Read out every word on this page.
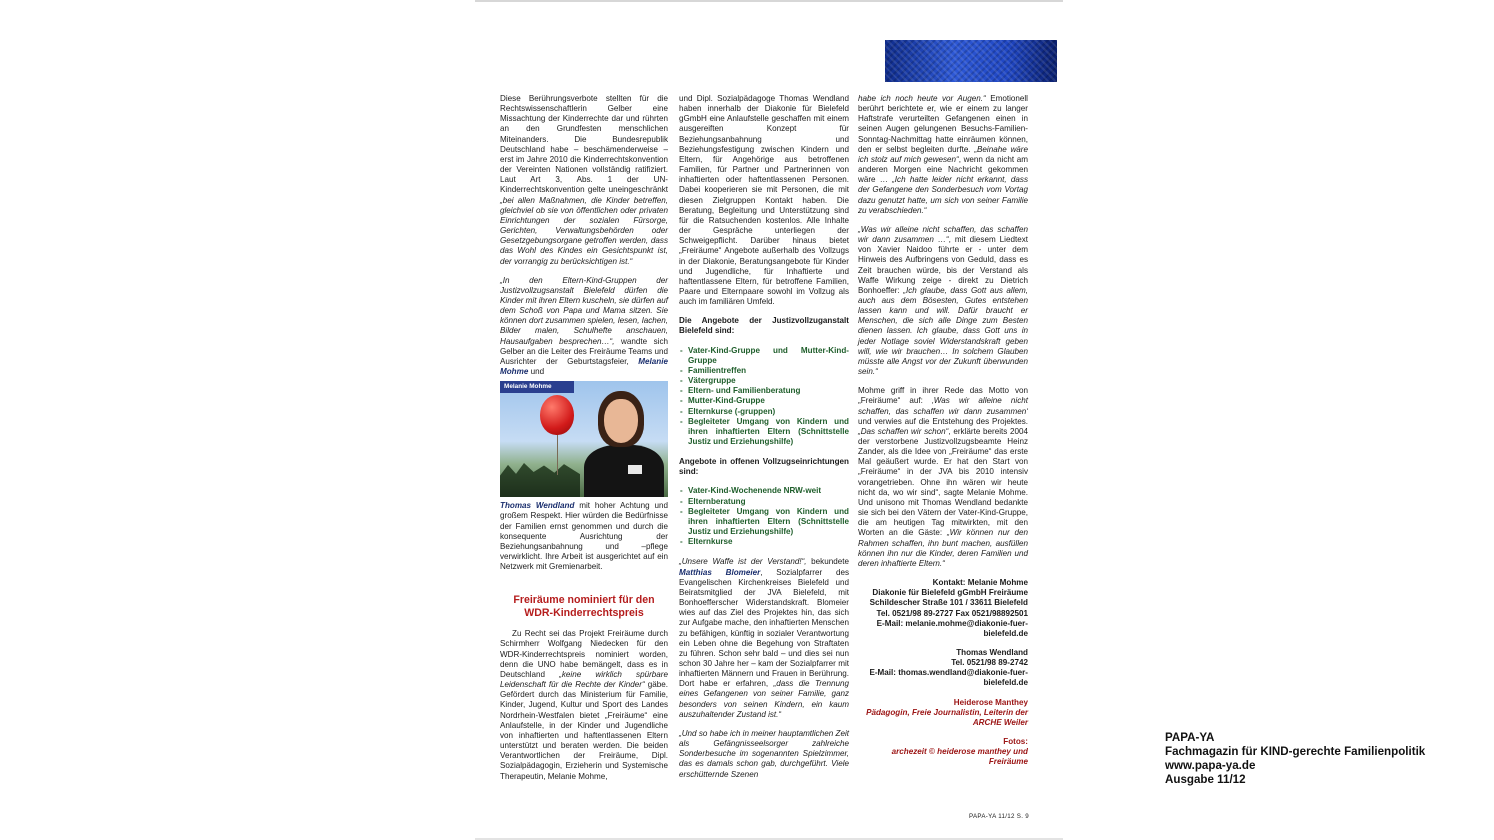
Diese Berührungsverbote stellten für die Rechtswissenschaftlerin Gelber eine Missachtung der Kinderrechte dar und rührten an den Grundfesten menschlichen Miteinanders. Die Bundesrepublik Deutschland habe – beschämenderweise – erst im Jahre 2010 die Kinderrechtskonvention der Vereinten Nationen vollständig ratifiziert. Laut Art 3, Abs. 1 der UN-Kinderrechtskonvention gelte uneingeschränkt „bei allen Maßnahmen, die Kinder betreffen, gleichviel ob sie von öffentlichen oder privaten Einrichtungen der sozialen Fürsorge, Gerichten, Verwaltungsbehörden oder Gesetzgebungsorgane getroffen werden, dass das Wohl des Kindes ein Gesichtspunkt ist, der vorrangig zu berücksichtigen ist.“

„In den Eltern-Kind-Gruppen der Justizvollzugsanstalt Bielefeld dürfen die Kinder mit ihren Eltern kuscheln, sie dürfen auf dem Schoß von Papa und Mama sitzen. Sie können dort zusammen spielen, lesen, lachen, Bilder malen, Schulhefte anschauen, Hausaufgaben besprechen…“, wandte sich Gelber an die Leiter des Freiräume Teams und Ausrichter der Geburtstagsfeier, Melanie Mohme und

Melanie Mohme

Thomas Wendland mit hoher Achtung und großem Respekt. Hier würden die Bedürfnisse der Familien ernst genommen und durch die konsequente Ausrichtung der Beziehungsanbahnung und –pflege verwirklicht. Ihre Arbeit ist ausgerichtet auf ein Netzwerk mit Gremienarbeit.

Freiräume nominiert für den WDR-Kinderrechtspreis

Zu Recht sei das Projekt Freiräume durch Schirmherr Wolfgang Niedecken für den WDR-Kinderrechtspreis nominiert worden, denn die UNO habe bemängelt, dass es in Deutschland „keine wirklich spürbare Leidenschaft für die Rechte der Kinder“ gäbe. Gefördert durch das Ministerium für Familie, Kinder, Jugend, Kultur und Sport des Landes Nordrhein-Westfalen bietet „Freiräume“ eine Anlaufstelle, in der Kinder und Jugendliche von inhaftierten und haftentlassenen Eltern unterstützt und beraten werden. Die beiden Verantwortlichen der Freiräume, Dipl. Sozialpädagogin, Erzieherin und Systemische Therapeutin, Melanie Mohme,

und Dipl. Sozialpädagoge Thomas Wendland haben innerhalb der Diakonie für Bielefeld gGmbH eine Anlaufstelle geschaffen mit einem ausgereiften Konzept für Beziehungsanbahnung und Beziehungsfestigung zwischen Kindern und Eltern, für Angehörige aus betroffenen Familien, für Partner und Partnerinnen von inhaftierten oder haftentlassenen Personen. Dabei kooperieren sie mit Personen, die mit diesen Zielgruppen Kontakt haben. Die Beratung, Begleitung und Unterstützung sind für die Ratsuchenden kostenlos. Alle Inhalte der Gespräche unterliegen der Schweigepflicht. Darüber hinaus bietet „Freiräume“ Angebote außerhalb des Vollzugs in der Diakonie, Beratungsangebote für Kinder und Jugendliche, für Inhaftierte und haftentlassene Eltern, für betroffene Familien, Paare und Elternpaare sowohl im Vollzug als auch im familiären Umfeld.

Die Angebote der Justizvollzuganstalt Bielefeld sind:

- Vater-Kind-Gruppe und Mutter-Kind-Gruppe
- Familientreffen
- Vätergruppe
- Eltern- und Familienberatung
- Mutter-Kind-Gruppe
- Elternkurse (-gruppen)
- Begleiteter Umgang von Kindern und ihren inhaftierten Eltern (Schnittstelle Justiz und Erziehungshilfe)

Angebote in offenen Vollzugseinrichtungen sind:

- Vater-Kind-Wochenende NRW-weit
- Elternberatung
- Begleiteter Umgang von Kindern und ihren inhaftierten Eltern (Schnittstelle Justiz und Erziehungshilfe)
- Elternkurse

„Unsere Waffe ist der Verstand!“, bekundete Matthias Blomeier, Sozialpfarrer des Evangelischen Kirchenkreises Bielefeld und Beiratsmitglied der JVA Bielefeld, mit Bonhoefferscher Widerstandskraft. Blomeier wies auf das Ziel des Projektes hin, das sich zur Aufgabe mache, den inhaftierten Menschen zu befähigen, künftig in sozialer Verantwortung ein Leben ohne die Begehung von Straftaten zu führen. Schon sehr bald – und dies sei nun schon 30 Jahre her – kam der Sozialpfarrer mit inhaftierten Männern und Frauen in Berührung. Dort habe er erfahren, „dass die Trennung eines Gefangenen von seiner Familie, ganz besonders von seinen Kindern, ein kaum auszuhaltender Zustand ist.“

„Und so habe ich in meiner hauptamtlichen Zeit als Gefängnisseelsorger zahlreiche Sonderbesuche im sogenannten Spielzimmer, das es damals schon gab, durchgeführt. Viele erschütternde Szenen

habe ich noch heute vor Augen.“ Emotionell berührt berichtete er, wie er einem zu langer Haftstrafe verurteilten Gefangenen einen in seinen Augen gelungenen Besuchs-Familien-Sonntag-Nachmittag hatte einräumen können, den er selbst begleiten durfte. „Beinahe wäre ich stolz auf mich gewesen“, wenn da nicht am anderen Morgen eine Nachricht gekommen wäre … „Ich hatte leider nicht erkannt, dass der Gefangene den Sonderbesuch vom Vortag dazu genutzt hatte, um sich von seiner Familie zu verabschieden.“

„Was wir alleine nicht schaffen, das schaffen wir dann zusammen …“, mit diesem Liedtext von Xavier Naidoo führte er - unter dem Hinweis des Aufbringens von Geduld, dass es Zeit brauchen würde, bis der Verstand als Waffe Wirkung zeige - direkt zu Dietrich Bonhoeffer: „Ich glaube, dass Gott aus allem, auch aus dem Bösesten, Gutes entstehen lassen kann und will. Dafür braucht er Menschen, die sich alle Dinge zum Besten dienen lassen. Ich glaube, dass Gott uns in jeder Notlage soviel Widerstandskraft geben will, wie wir brauchen… In solchem Glauben müsste alle Angst vor der Zukunft überwunden sein.“

Mohme griff in ihrer Rede das Motto von „Freiräume“ auf: ‚Was wir alleine nicht schaffen, das schaffen wir dann zusammen‘ und verwies auf die Entstehung des Projektes. „Das schaffen wir schon“, erklärte bereits 2004 der verstorbene Justizvollzugsbeamte Heinz Zander, als die Idee von „Freiräume“ das erste Mal geäußert wurde. Er hat den Start von „Freiräume“ in der JVA bis 2010 intensiv vorangetrieben. Ohne ihn wären wir heute nicht da, wo wir sind“, sagte Melanie Mohme. Und unisono mit Thomas Wendland bedankte sie sich bei den Vätern der Vater-Kind-Gruppe, die am heutigen Tag mitwirkten, mit den Worten an die Gäste: „Wir können nur den Rahmen schaffen, ihn bunt machen, ausfüllen können ihn nur die Kinder, deren Familien und deren inhaftierte Eltern.“

Kontakt: Melanie Mohme
Diakonie für Bielefeld gGmbH Freiräume
Schildescher Straße 101 / 33611 Bielefeld
Tel. 0521/98 89-2727 Fax 0521/98892501
E-Mail: melanie.mohme@diakonie-fuer-bielefeld.de

Thomas Wendland
Tel. 0521/98 89-2742
E-Mail: thomas.wendland@diakonie-fuer-bielefeld.de

Heiderose Manthey

Pädagogin, Freie Journalistin, Leiterin der ARCHE Weiler

Fotos:

archezeit © heiderose manthey und Freiräume

PAPA-YA 11/12 S. 9
PAPA-YA
Fachmagazin für KIND-gerechte Familienpolitik
www.papa-ya.de
Ausgabe 11/12
